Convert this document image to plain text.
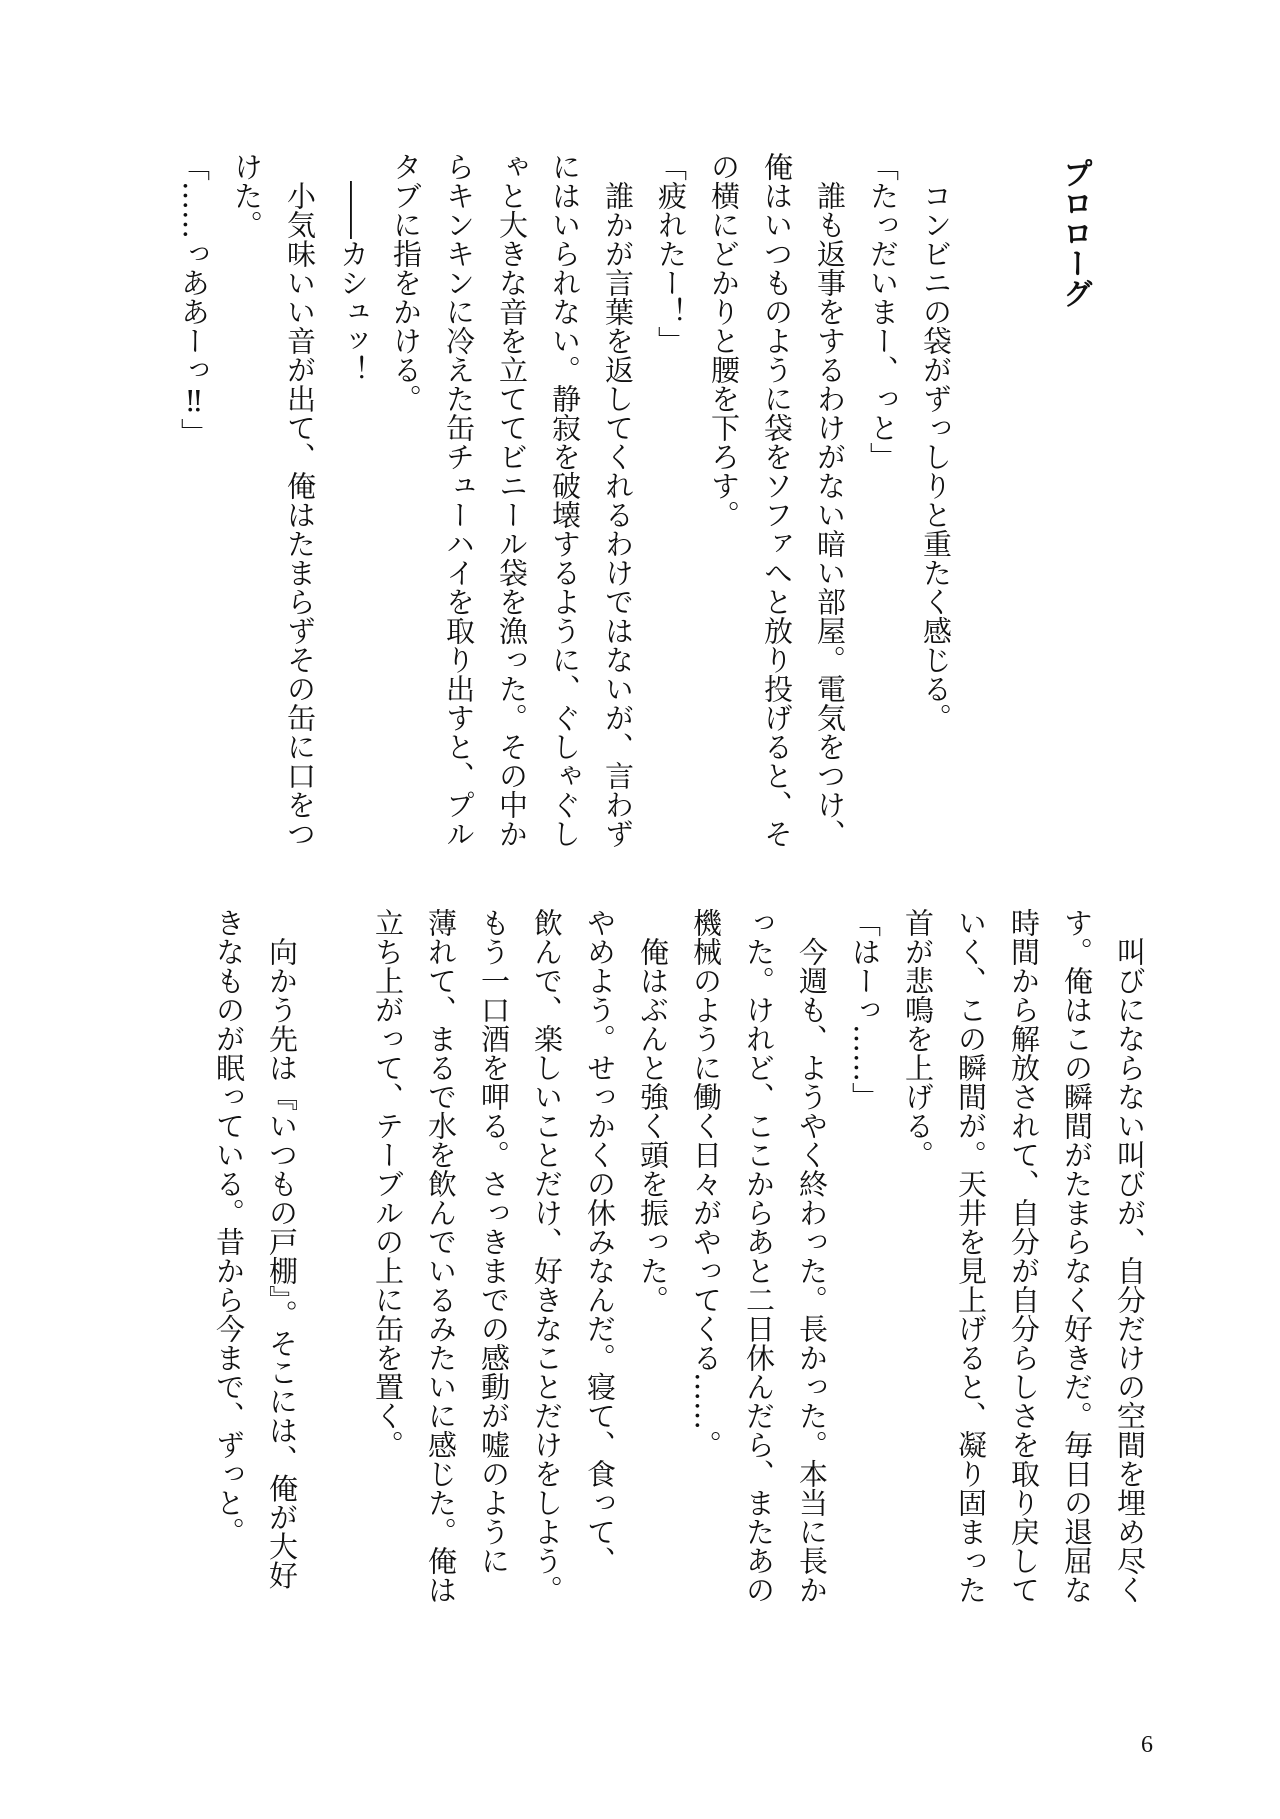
プロローグ

　コンビニの袋がずっしりと重たく感じる。

「たっだいまー、っと」

　誰も返事をするわけがない暗い部屋。電気をつけ、

俺はいつものように袋をソファへと放り投げると、そ

の横にどかりと腰を下ろす。

「疲れたー！」

　誰かが言葉を返してくれるわけではないが、言わず

にはいられない。静寂を破壊するように、ぐしゃぐし

ゃと大きな音を立ててビニール袋を漁った。その中か

らキンキンに冷えた缶チューハイを取り出すと、プル

タブに指をかける。

　――カシュッ！

　小気味いい音が出て、俺はたまらずその缶に口をつ

けた。

「……っああーっ‼」

　叫びにならない叫びが、自分だけの空間を埋め尽く

す。俺はこの瞬間がたまらなく好きだ。毎日の退屈な

時間から解放されて、自分が自分らしさを取り戻して

いく、この瞬間が。天井を見上げると、凝り固まった

首が悲鳴を上げる。

「はーっ……」

　今週も、ようやく終わった。長かった。本当に長か

った。けれど、ここからあと二日休んだら、またあの

機械のように働く日々がやってくる……。

　俺はぶんと強く頭を振った。

やめよう。せっかくの休みなんだ。寝て、食って、

飲んで、楽しいことだけ、好きなことだけをしよう。

もう一口酒を呷る。さっきまでの感動が嘘のように

薄れて、まるで水を飲んでいるみたいに感じた。俺は

立ち上がって、テーブルの上に缶を置く。

　向かう先は『いつもの戸棚』。そこには、俺が大好

きなものが眠っている。昔から今まで、ずっと。

6
